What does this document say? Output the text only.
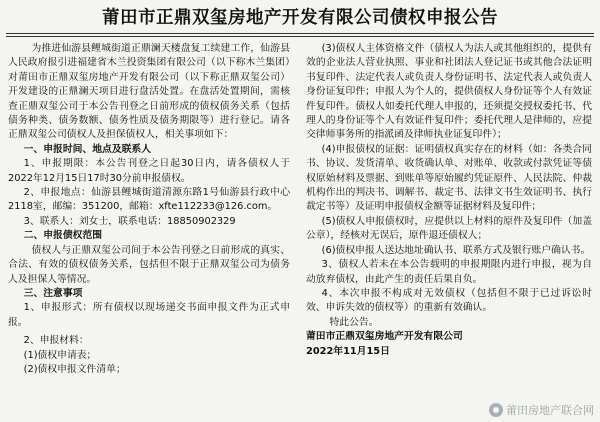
莆田市正鼎双玺房地产开发有限公司债权申报公告

为推进仙游县鲤城街道正鼎澜天楼盘复工续建工作，仙游县人民政府报引进福建省木兰投资集团有限公司（以下称木兰集团）对莆田市正鼎双玺房地产开发有限公司（以下称正鼎双玺公司）开发建设的正鼎澜天项目进行盘活处置。在盘活处置期间，需核查正鼎双玺公司于本公告刊登之日前形成的债权债务关系（包括债务种类、债务数额、债务性质及债务期限等）进行登记。请各正鼎双玺公司债权人及担保债权人，相关事项如下：

一、申报时间、地点及联系人

1、申报期限：本公告刊登之日起30日内，请各债权人于2022年12月15日17时30分前申报债权。

2、申报地点：仙游县鲤城街道清源东路1号仙游县行政中心2118室，邮编：351200，邮箱：xfte112233@126.com。

3、联系人：刘女士，联系电话：18850902329

二、申报债权范围

债权人与正鼎双玺公司间于本公告刊登之日前形成的真实、合法、有效的债权债务关系，包括但不限于正鼎双玺公司为债务人及担保人等情况。

三、注意事项

1、申报形式：所有债权以现场递交书面申报文件为正式申报。

2、申报材料：

(1)债权申请表；

(2)债权申报文件清单；

(3)债权人主体资格文件（债权人为法人或其他组织的，提供有效的企业法人营业执照、事业和社团法人登记证书或其他合法证明书复印件、法定代表人或负责人身份证明书、法定代表人或负责人身份证复印件；申报人为个人的，提供债权人身份证等个人有效证件复印件。债权人如委托代理人申报的，还须提交授权委托书、代理人的身份证等个人有效证件复印件；委托代理人是律师的，应提交律师事务所的指派函及律师执业证复印件）；

(4)申报债权的证据：证明债权真实存在的材料（如：各类合同书、协议、发货清单、收货确认单、对账单、收款或付款凭证等债权原始材料及票据、到账单等原始履约凭证原件、人民法院、仲裁机构作出的判决书、调解书、裁定书、法律文书生效证明书、执行裁定书等）及证明申报债权金额等证据材料及复印件；

(5)债权人申报债权时，应提供以上材料的原件及复印件（加盖公章），经核对无误后，原件退还债权人；

(6)债权申报人送达地址确认书、联系方式及银行账户确认书。

3、债权人若未在本公告载明的申报期限内进行申报，视为自动放弃债权，由此产生的责任后果自负。

4、本次申报不构成对无效债权（包括但不限于已过诉讼时效、申诉失效的债权等）的重新有效确认。

特此公告。

莆田市正鼎双玺房地产开发有限公司

2022年11月15日

莆田房地产联合网
